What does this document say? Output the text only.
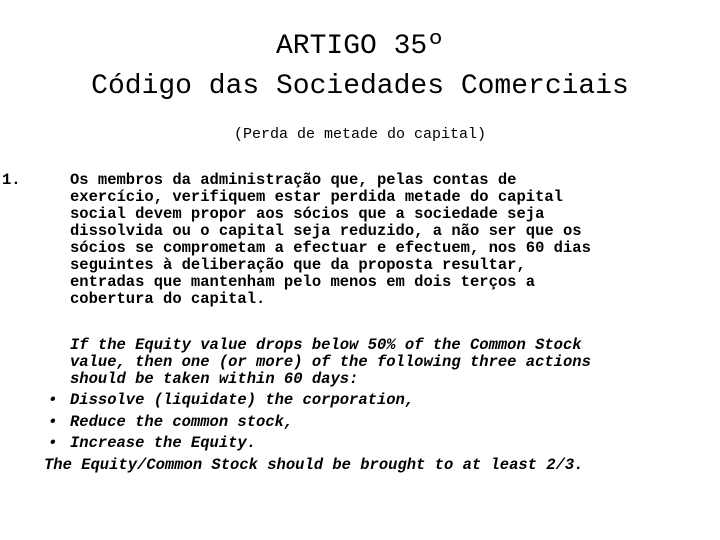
ARTIGO 35º
Código das Sociedades Comerciais
(Perda de metade do capital)
1.	Os membros da administração que, pelas contas de
exercício, verifiquem estar perdida metade do capital
social devem propor aos sócios que a sociedade seja
dissolvida ou o capital seja reduzido, a não ser que os
sócios se comprometam a efectuar e efectuem, nos 60 dias
seguintes à deliberação que da proposta resultar,
entradas que mantenham pelo menos em dois terços a
cobertura do capital.
If the Equity value drops below 50% of the Common Stock
value, then one (or more) of the following three actions
should be taken within 60 days:
• Dissolve (liquidate) the corporation,
• Reduce the common stock,
• Increase the Equity.
The Equity/Common Stock should be brought to at least 2/3.
